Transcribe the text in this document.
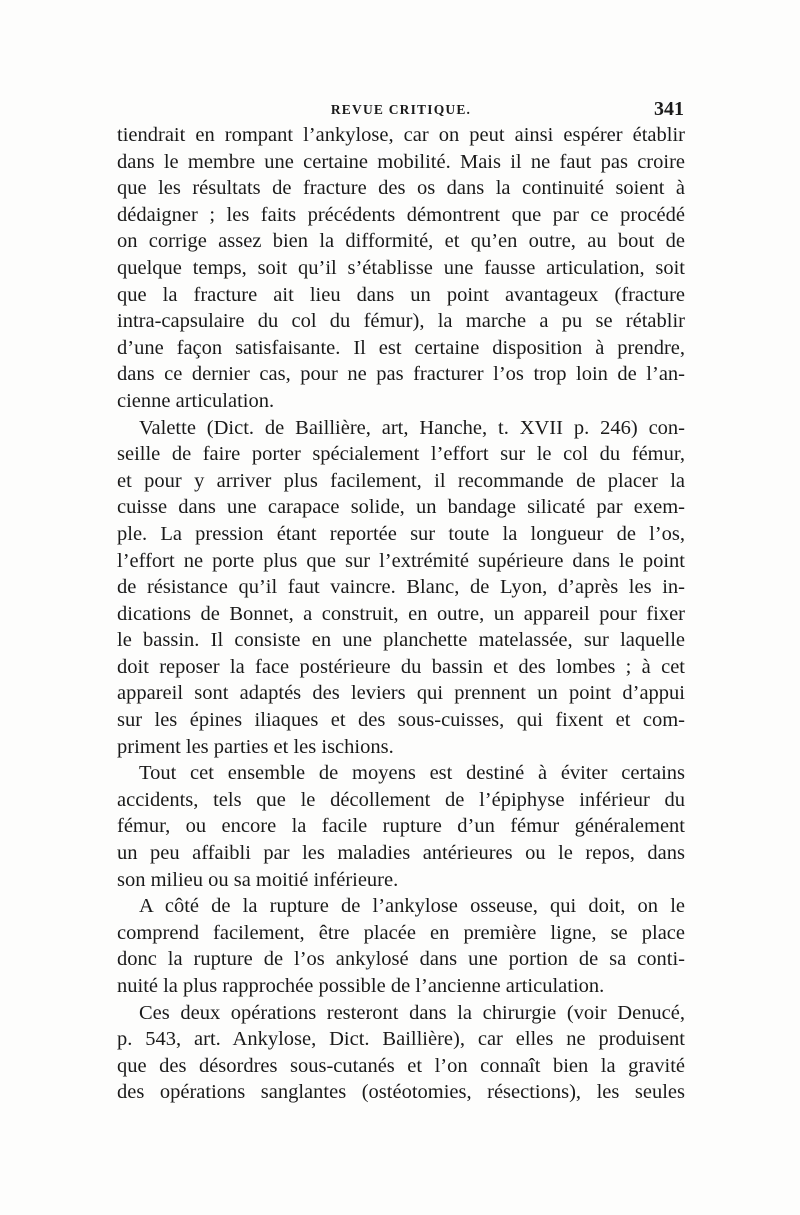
REVUE CRITIQUE.	341
tiendrait en rompant l’ankylose, car on peut ainsi espérer établir
dans le membre une certaine mobilité. Mais il ne faut pas croire
que les résultats de fracture des os dans la continuité soient à
dédaigner ; les faits précédents démontrent que par ce procédé
on corrige assez bien la difformité, et qu’en outre, au bout de
quelque temps, soit qu’il s’établisse une fausse articulation, soit
que la fracture ait lieu dans un point avantageux (fracture
intra-capsulaire du col du fémur), la marche a pu se rétablir
d’une façon satisfaisante. Il est certaine disposition à prendre,
dans ce dernier cas, pour ne pas fracturer l’os trop loin de l’an-
cienne articulation.
Valette (Dict. de Baillière, art, Hanche, t. XVII p. 246) con-
seille de faire porter spécialement l’effort sur le col du fémur,
et pour y arriver plus facilement, il recommande de placer la
cuisse dans une carapace solide, un bandage silicaté par exem-
ple. La pression étant reportée sur toute la longueur de l’os,
l’effort ne porte plus que sur l’extrémité supérieure dans le point
de résistance qu’il faut vaincre. Blanc, de Lyon, d’après les in-
dications de Bonnet, a construit, en outre, un appareil pour fixer
le bassin. Il consiste en une planchette matelassée, sur laquelle
doit reposer la face postérieure du bassin et des lombes ; à cet
appareil sont adaptés des leviers qui prennent un point d’appui
sur les épines iliaques et des sous-cuisses, qui fixent et com-
priment les parties et les ischions.
Tout cet ensemble de moyens est destiné à éviter certains
accidents, tels que le décollement de l’épiphyse inférieur du
fémur, ou encore la facile rupture d’un fémur généralement
un peu affaibli par les maladies antérieures ou le repos, dans
son milieu ou sa moitié inférieure.
A côté de la rupture de l’ankylose osseuse, qui doit, on le
comprend facilement, être placée en première ligne, se place
donc la rupture de l’os ankylosé dans une portion de sa conti-
nuité la plus rapprochée possible de l’ancienne articulation.
Ces deux opérations resteront dans la chirurgie (voir Denucé,
p. 543, art. Ankylose, Dict. Baillière), car elles ne produisent
que des désordres sous-cutanés et l’on connaît bien la gravité
des opérations sanglantes (ostéotomies, résections), les seules
